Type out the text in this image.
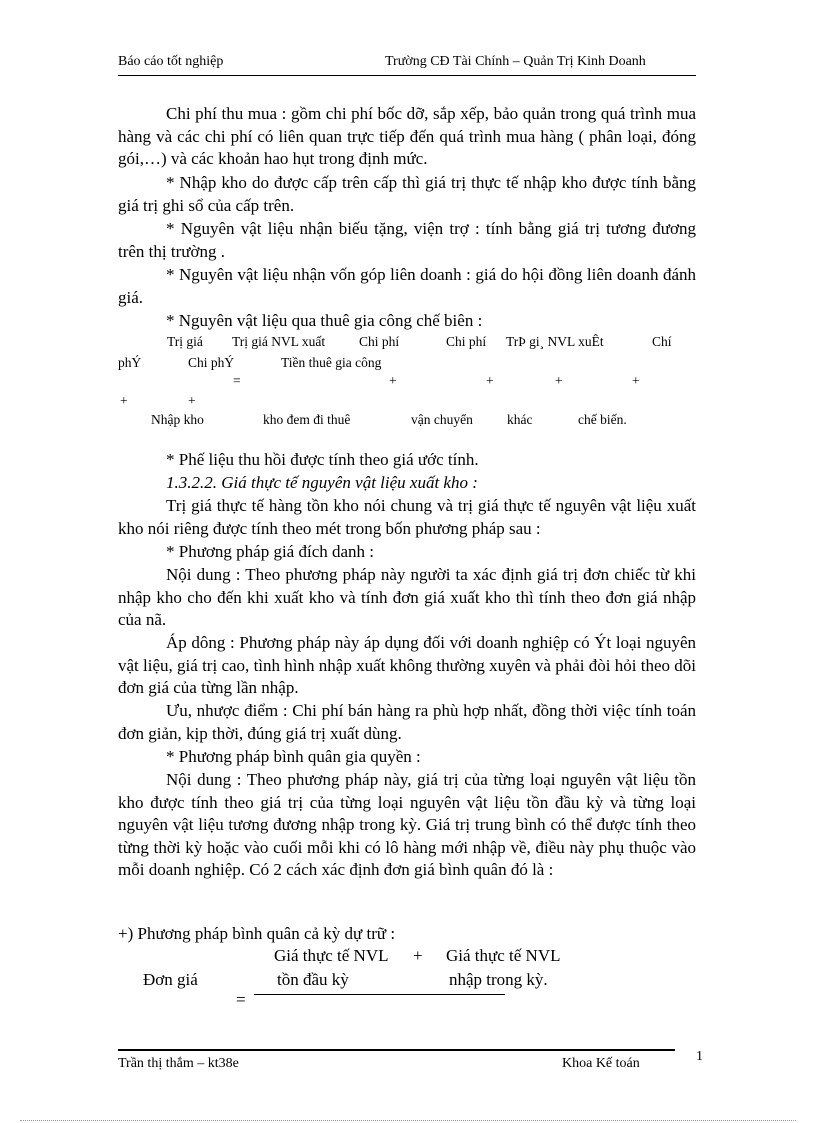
Báo cáo tốt nghiệp	Trường CĐ Tài Chính – Quản Trị Kinh Doanh
Chi phí thu mua : gồm chi phí bốc dỡ, sắp xếp, bảo quản trong quá trình mua hàng và các chi phí có liên quan trực tiếp đến quá trình mua hàng ( phân loại, đóng gói,…) và các khoản hao hụt trong định mức.
* Nhập kho do được cấp trên cấp thì giá trị thực tế nhập kho được tính bằng giá trị ghi sổ của cấp trên.
* Nguyên vật liệu nhận biếu tặng, viện trợ : tính bằng giá trị tương đương trên thị trường .
* Nguyên vật liệu nhận vốn góp liên doanh : giá do hội đồng liên doanh đánh giá.
* Nguyên vật liệu qua thuê gia công chế biên :
Trị giá Trị giá NVL xuất	Chi phí	Chi phí TrÞ gi¸ NVL xuÊt	Chí
phÝ	Chi phÝ	Tiền thuê gia công
=	+	+	+	+
+	+
Nhập kho	kho đem đi thuê	vận chuyển	khác	chế biến.
* Phế liệu thu hồi được tính theo giá ước tính.
1.3.2.2. Giá thực tế nguyên vật liệu xuất kho :
Trị giá thực tế hàng tồn kho nói chung và trị giá thực tế nguyên vật liệu xuất kho nói riêng được tính theo mét trong bốn phương pháp sau :
* Phương pháp giá đích danh :
Nội dung : Theo phương pháp này người ta xác định giá trị đơn chiếc từ khi nhập kho cho đến khi xuất kho và tính đơn giá xuất kho thì tính theo đơn giá nhập của nã.
Áp dông : Phương pháp này áp dụng đối với doanh nghiệp có Ýt loại nguyên vật liệu, giá trị cao, tình hình nhập xuất không thường xuyên và phải đòi hỏi theo dõi đơn giá của từng lần nhập.
Ưu, nhược điểm : Chi phí bán hàng ra phù hợp nhất, đồng thời việc tính toán đơn giản, kịp thời, đúng giá trị xuất dùng.
* Phương pháp bình quân gia quyền :
Nội dung : Theo phương pháp này, giá trị của từng loại nguyên vật liệu tồn kho được tính theo giá trị của từng loại nguyên vật liệu tồn đầu kỳ và từng loại nguyên vật liệu tương đương nhập trong kỳ. Giá trị trung bình có thể được tính theo từng thời kỳ hoặc vào cuối mỗi khi có lô hàng mới nhập về, điều này phụ thuộc vào mỗi doanh nghiệp. Có 2 cách xác định đơn giá bình quân đó là :
+) Phương pháp bình quân cả kỳ dự trữ :
Giá thực tế NVL + Giá thực tế NVL
Đơn giá	tồn đầu kỳ	nhập trong kỳ.
=
Trần thị thắm – kt38e	Khoa Kế toán	1
